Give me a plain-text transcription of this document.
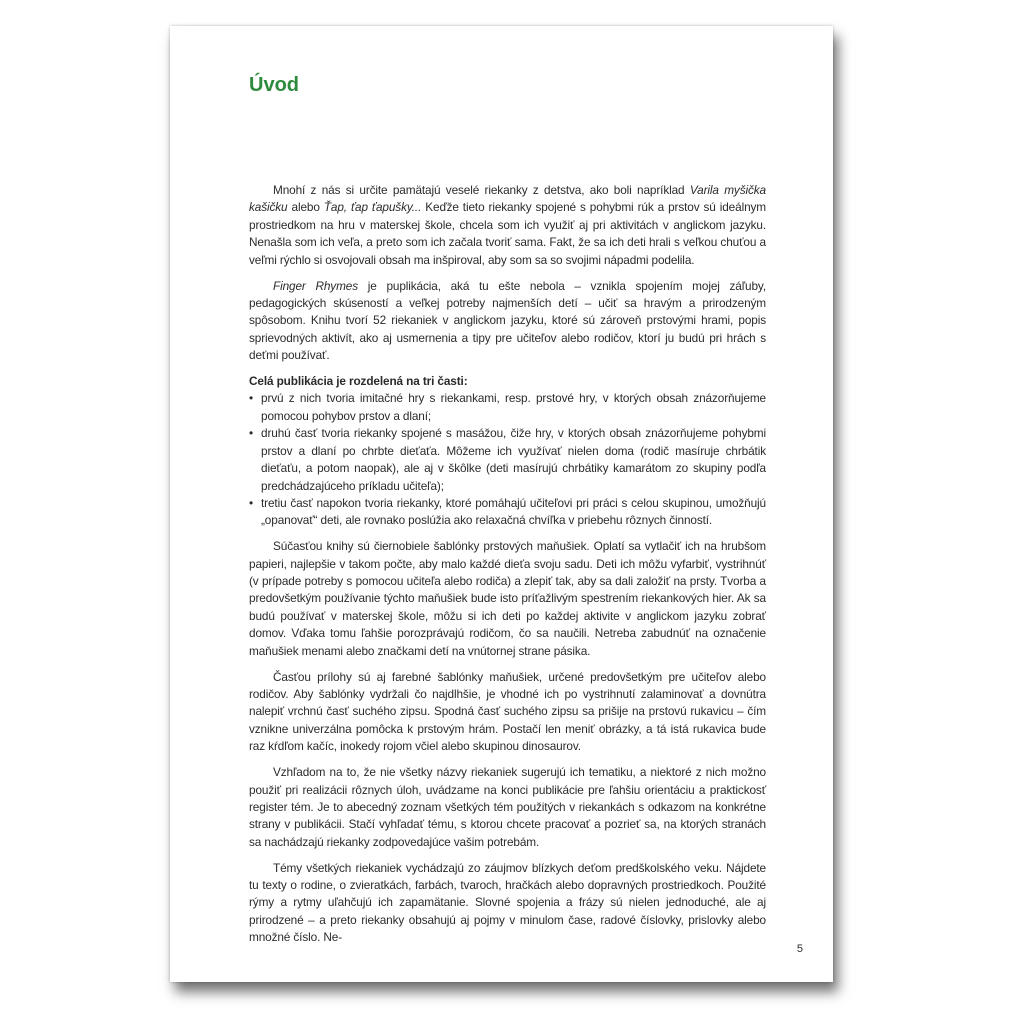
Úvod

Mnohí z nás si určite pamätajú veselé riekanky z detstva, ako boli napríklad Varila myšička kašičku alebo Ťap, ťap ťapušky... Keďže tieto riekanky spojené s pohybmi rúk a prstov sú ideálnym prostriedkom na hru v materskej škole, chcela som ich využiť aj pri aktivitách v anglickom jazyku. Nenašla som ich veľa, a preto som ich začala tvoriť sama. Fakt, že sa ich deti hrali s veľkou chuťou a veľmi rýchlo si osvojovali obsah ma inšpiroval, aby som sa so svojimi nápadmi podelila.

Finger Rhymes je puplikácia, aká tu ešte nebola – vznikla spojením mojej záľuby, pedagogických skúseností a veľkej potreby najmenších detí – učiť sa hravým a prirodzeným spôsobom. Knihu tvorí 52 riekaniek v anglickom jazyku, ktoré sú zároveň prstovými hrami, popis sprievodných aktivít, ako aj usmernenia a tipy pre učiteľov alebo rodičov, ktorí ju budú pri hrách s deťmi používať.

Celá publikácia je rozdelená na tri časti:

• prvú z nich tvoria imitačné hry s riekankami, resp. prstové hry, v ktorých obsah znázorňujeme pomocou pohybov prstov a dlaní;
• druhú časť tvoria riekanky spojené s masážou, čiže hry, v ktorých obsah znázorňujeme pohybmi prstov a dlaní po chrbte dieťaťa. Môžeme ich využívať nielen doma (rodič masíruje chrbátik dieťaťu, a potom naopak), ale aj v škôlke (deti masírujú chrbátiky kamarátom zo skupiny podľa predchádzajúceho príkladu učiteľa);
• tretiu časť napokon tvoria riekanky, ktoré pomáhajú učiteľovi pri práci s celou skupinou, umožňujú „opanovať“ deti, ale rovnako poslúžia ako relaxačná chvíľka v priebehu rôznych činností.

Súčasťou knihy sú čiernobiele šablónky prstových maňušiek. Oplatí sa vytlačiť ich na hrubšom papieri, najlepšie v takom počte, aby malo každé dieťa svoju sadu. Deti ich môžu vyfarbiť, vystrihnúť (v prípade potreby s pomocou učiteľa alebo rodiča) a zlepiť tak, aby sa dali založiť na prsty. Tvorba a predovšetkým používanie týchto maňušiek bude isto príťažlivým spestrením riekankových hier. Ak sa budú používať v materskej škole, môžu si ich deti po každej aktivite v anglickom jazyku zobrať domov. Vďaka tomu ľahšie porozprávajú rodičom, čo sa naučili. Netreba zabudnúť na označenie maňušiek menami alebo značkami detí na vnútornej strane pásika.

Časťou prílohy sú aj farebné šablónky maňušiek, určené predovšetkým pre učiteľov alebo rodičov. Aby šablónky vydržali čo najdlhšie, je vhodné ich po vystrihnutí zalaminovať a dovnútra nalepiť vrchnú časť suchého zipsu. Spodná časť suchého zipsu sa prišije na prstovú rukavicu – čím vznikne univerzálna pomôcka k prstovým hrám. Postačí len meniť obrázky, a tá istá rukavica bude raz kŕdľom kačíc, inokedy rojom včiel alebo skupinou dinosaurov.

Vzhľadom na to, že nie všetky názvy riekaniek sugerujú ich tematiku, a niektoré z nich možno použiť pri realizácii rôznych úloh, uvádzame na konci publikácie pre ľahšiu orientáciu a praktickosť register tém. Je to abecedný zoznam všetkých tém použitých v riekankách s odkazom na konkrétne strany v publikácii. Stačí vyhľadať tému, s ktorou chcete pracovať a pozrieť sa, na ktorých stranách sa nachádzajú riekanky zodpovedajúce vašim potrebám.

Témy všetkých riekaniek vychádzajú zo záujmov blízkych deťom predškolského veku. Nájdete tu texty o rodine, o zvieratkách, farbách, tvaroch, hračkách alebo dopravných prostriedkoch. Použité rýmy a rytmy uľahčujú ich zapamätanie. Slovné spojenia a frázy sú nielen jednoduché, ale aj prirodzené – a preto riekanky obsahujú aj pojmy v minulom čase, radové číslovky, prislovky alebo množné číslo. Ne-

5
